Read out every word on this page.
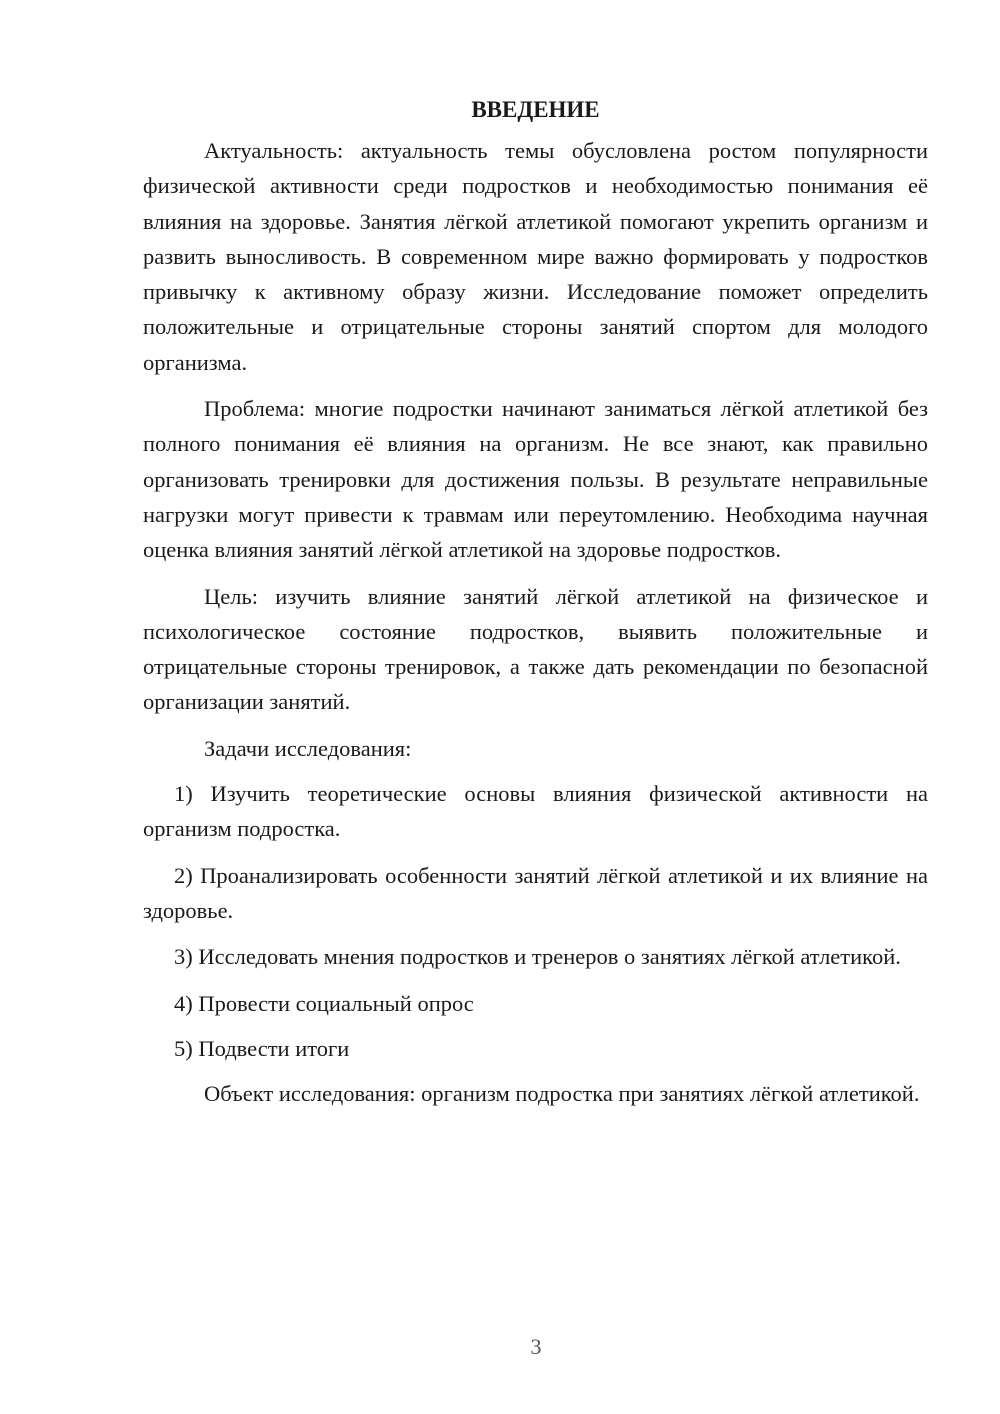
ВВЕДЕНИЕ

Актуальность: актуальность темы обусловлена ростом популярности физической активности среди подростков и необходимостью понимания её влияния на здоровье. Занятия лёгкой атлетикой помогают укрепить организм и развить выносливость. В современном мире важно формировать у подростков привычку к активному образу жизни. Исследование поможет определить положительные и отрицательные стороны занятий спортом для молодого организма.

Проблема: многие подростки начинают заниматься лёгкой атлетикой без полного понимания её влияния на организм. Не все знают, как правильно организовать тренировки для достижения пользы. В результате неправильные нагрузки могут привести к травмам или переутомлению. Необходима научная оценка влияния занятий лёгкой атлетикой на здоровье подростков.

Цель: изучить влияние занятий лёгкой атлетикой на физическое и психологическое состояние подростков, выявить положительные и отрицательные стороны тренировок, а также дать рекомендации по безопасной организации занятий.

Задачи исследования:

1) Изучить теоретические основы влияния физической активности на организм подростка.

2) Проанализировать особенности занятий лёгкой атлетикой и их влияние на здоровье.

3) Исследовать мнения подростков и тренеров о занятиях лёгкой атлетикой.

4) Провести социальный опрос

5) Подвести итоги

Объект исследования: организм подростка при занятиях лёгкой атлетикой.

3
